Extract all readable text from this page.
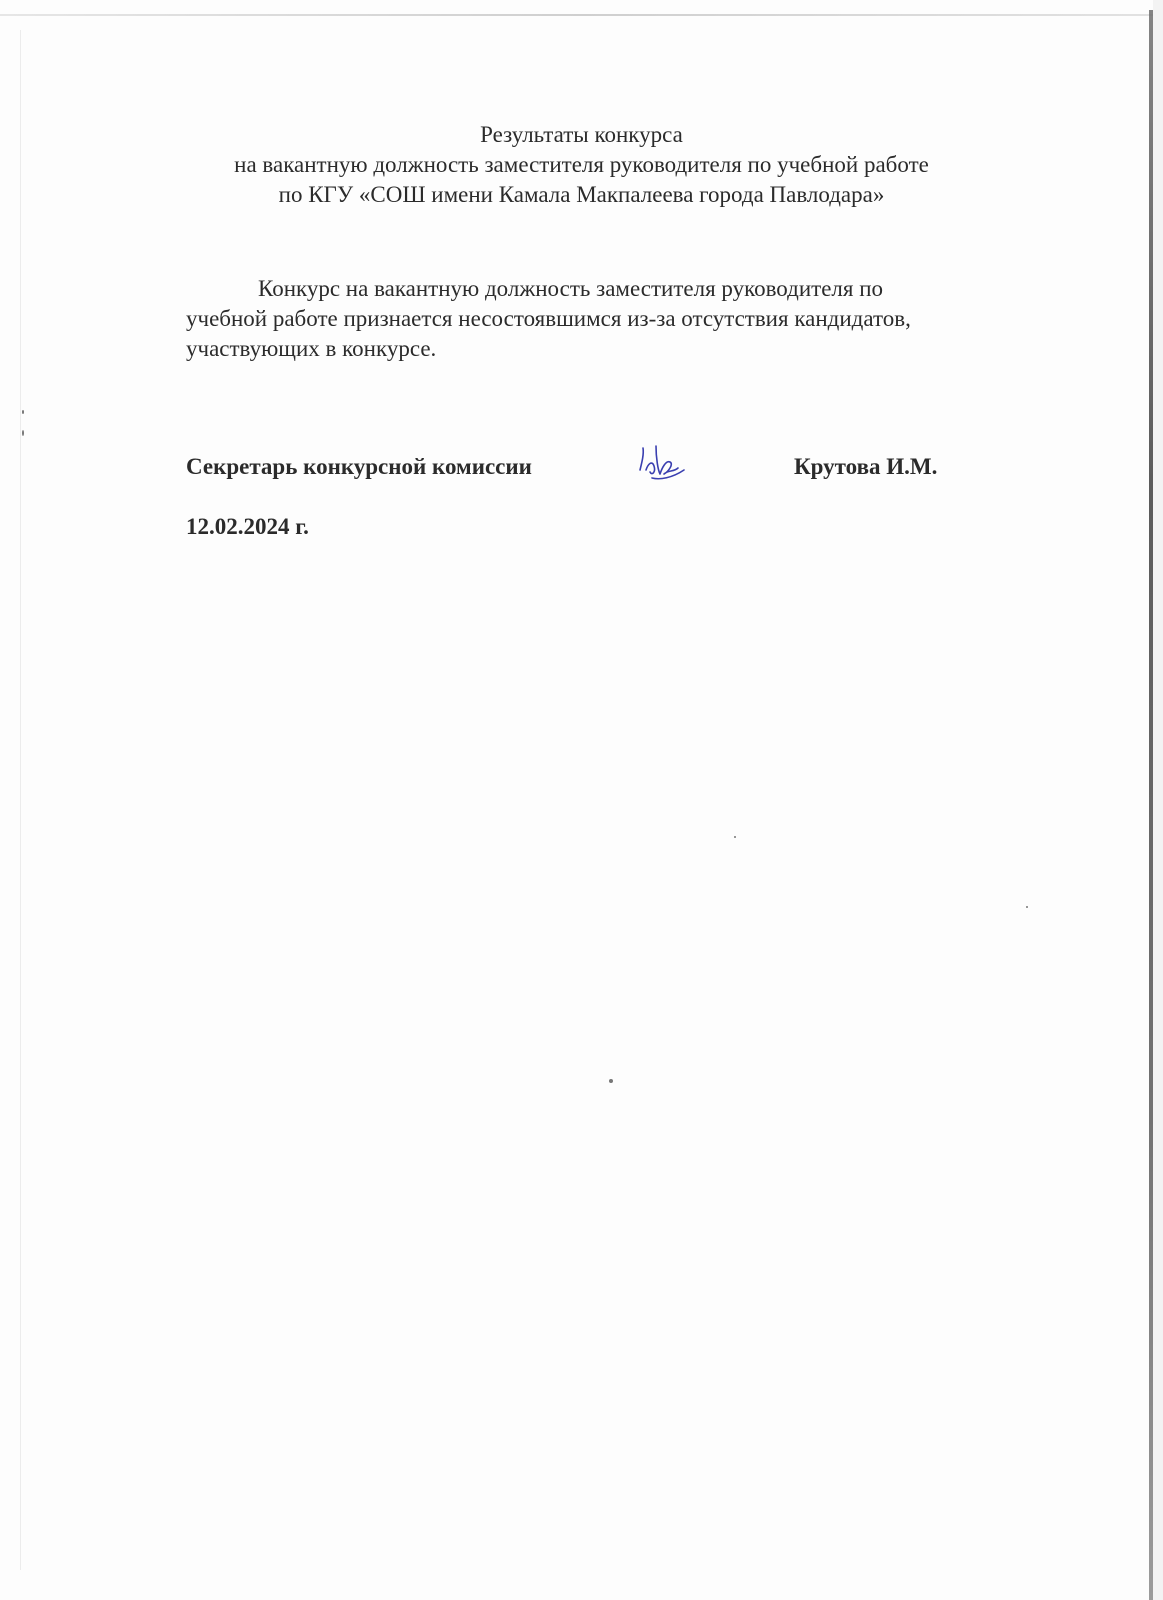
Результаты конкурса
на вакантную должность заместителя руководителя по учебной работе
по КГУ «СОШ имени Камала Макпалеева города Павлодара»
Конкурс на вакантную должность заместителя руководителя по
учебной работе признается несостоявшимся из-за отсутствия кандидатов,
участвующих в конкурсе.
Секретарь конкурсной комиссии	Крутова И.М.
12.02.2024 г.
